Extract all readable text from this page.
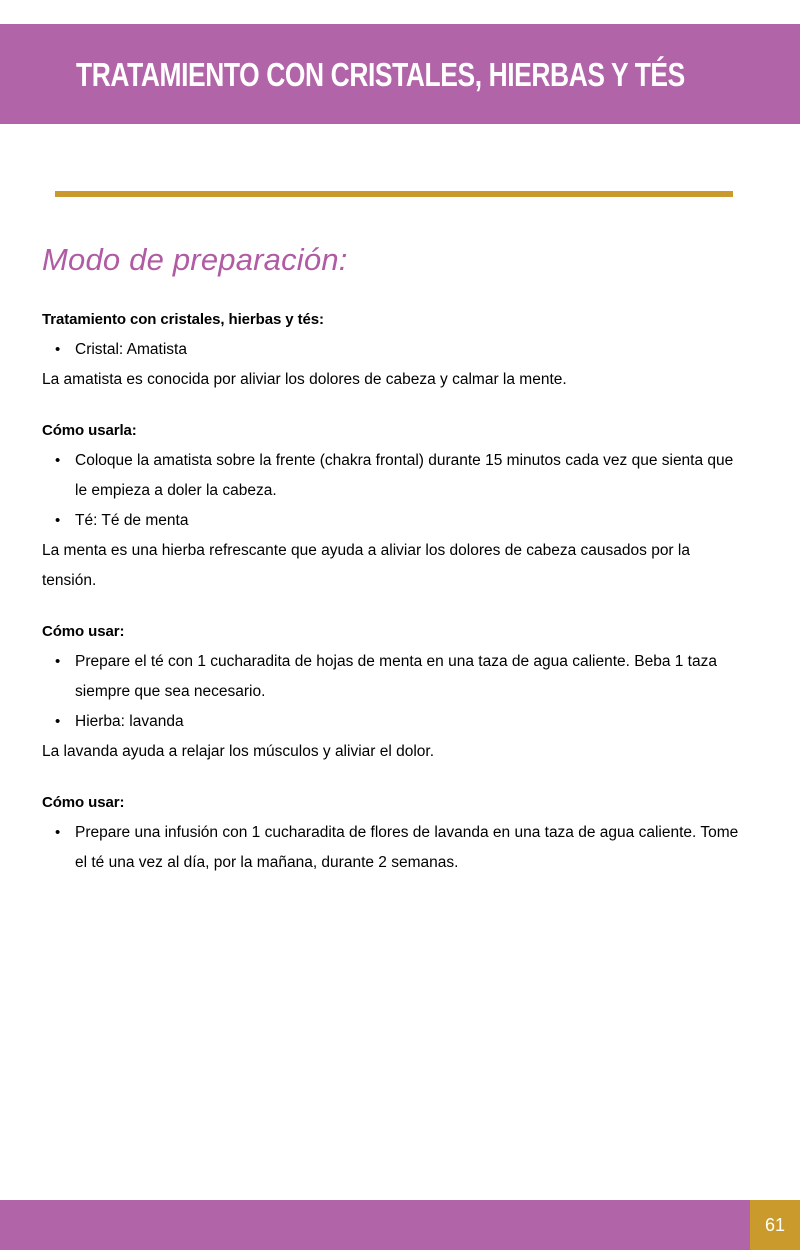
TRATAMIENTO CON CRISTALES, HIERBAS Y TÉS
Modo de preparación:
Tratamiento con cristales, hierbas y tés:
• Cristal: Amatista
La amatista es conocida por aliviar los dolores de cabeza y calmar la mente.
Cómo usarla:
• Coloque la amatista sobre la frente (chakra frontal) durante 15 minutos cada vez que sienta que le empieza a doler la cabeza.
• Té: Té de menta
La menta es una hierba refrescante que ayuda a aliviar los dolores de cabeza causados por la tensión.
Cómo usar:
• Prepare el té con 1 cucharadita de hojas de menta en una taza de agua caliente. Beba 1 taza siempre que sea necesario.
• Hierba: lavanda
La lavanda ayuda a relajar los músculos y aliviar el dolor.
Cómo usar:
• Prepare una infusión con 1 cucharadita de flores de lavanda en una taza de agua caliente. Tome el té una vez al día, por la mañana, durante 2 semanas.
61
